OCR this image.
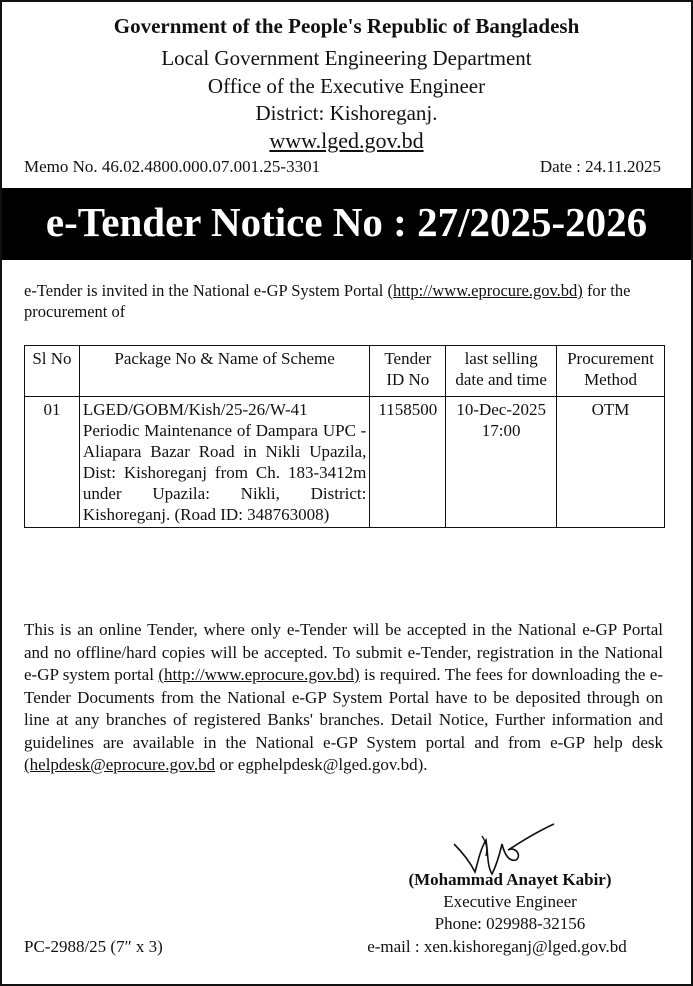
Government of the People's Republic of Bangladesh
Local Government Engineering Department
Office of the Executive Engineer
District: Kishoreganj.
www.lged.gov.bd
Memo No. 46.02.4800.000.07.001.25-3301	Date : 24.11.2025
e-Tender Notice No : 27/2025-2026
e-Tender is invited in the National e-GP System Portal (http://www.eprocure.gov.bd) for the procurement of
Sl No	Package No & Name of Scheme	Tender ID No	last selling date and time	Procurement Method
01	LGED/GOBM/Kish/25-26/W-41 Periodic Maintenance of Dampara UPC - Aliapara Bazar Road in Nikli Upazila, Dist: Kishoreganj from Ch. 183-3412m under Upazila: Nikli, District: Kishoreganj. (Road ID: 348763008)	1158500	10-Dec-2025 17:00	OTM
This is an online Tender, where only e-Tender will be accepted in the National e-GP Portal and no offline/hard copies will be accepted. To submit e-Tender, registration in the National e-GP system portal (http://www.eprocure.gov.bd) is required. The fees for downloading the e-Tender Documents from the National e-GP System Portal have to be deposited through on line at any branches of registered Banks' branches. Detail Notice, Further information and guidelines are available in the National e-GP System portal and from e-GP help desk (helpdesk@eprocure.gov.bd or egphelpdesk@lged.gov.bd).
(Mohammad Anayet Kabir)
Executive Engineer
Phone: 029988-32156
e-mail : xen.kishoreganj@lged.gov.bd
PC-2988/25 (7″ x 3)
